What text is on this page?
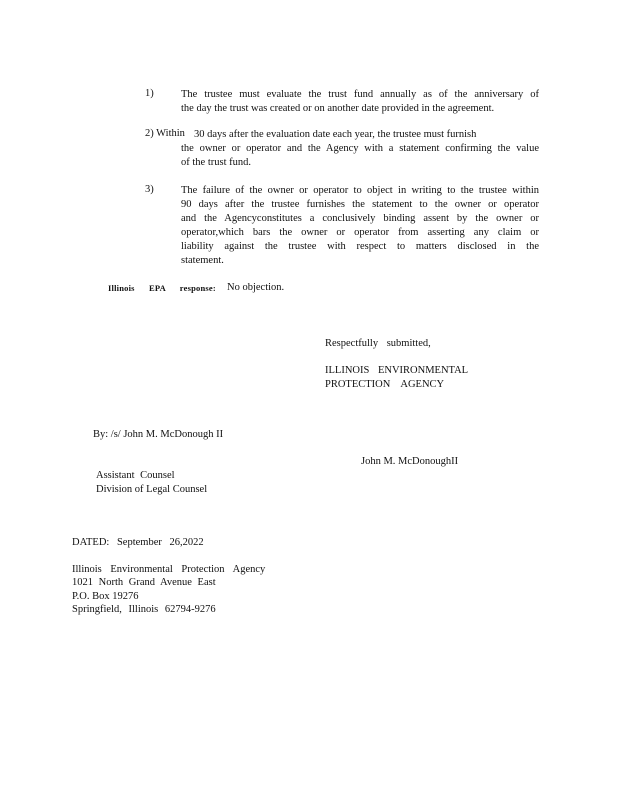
1)	The trustee must evaluate the trust fund annually as of the anniversary of
the day the trust was created or on another date provided in the agreement.
2) Within 30 days after the evaluation date each year, the trustee must furnish
the owner or operator and the Agency with a statement confirming the value
of the trust fund.
3)	The failure of the owner or operator to object in writing to the trustee within
90 days after the trustee furnishes the statement to the owner or operator
and the Agencyconstitutes a conclusively binding assent by the owner or
operator,which bars the owner or operator from asserting any claim or
liability against the trustee with respect to matters disclosed in the
statement.
Illinois EPA response: No objection.
Respectfully submitted,
ILLINOIS ENVIRONMENTAL
PROTECTION AGENCY
By: /s/ John M. McDonough II
John M. McDonoughII
Assistant Counsel
Division of Legal Counsel
DATED: September 26,2022
Illinois Environmental Protection Agency
1021 North Grand Avenue East
P.O. Box 19276
Springfield, Illinois 62794-9276
